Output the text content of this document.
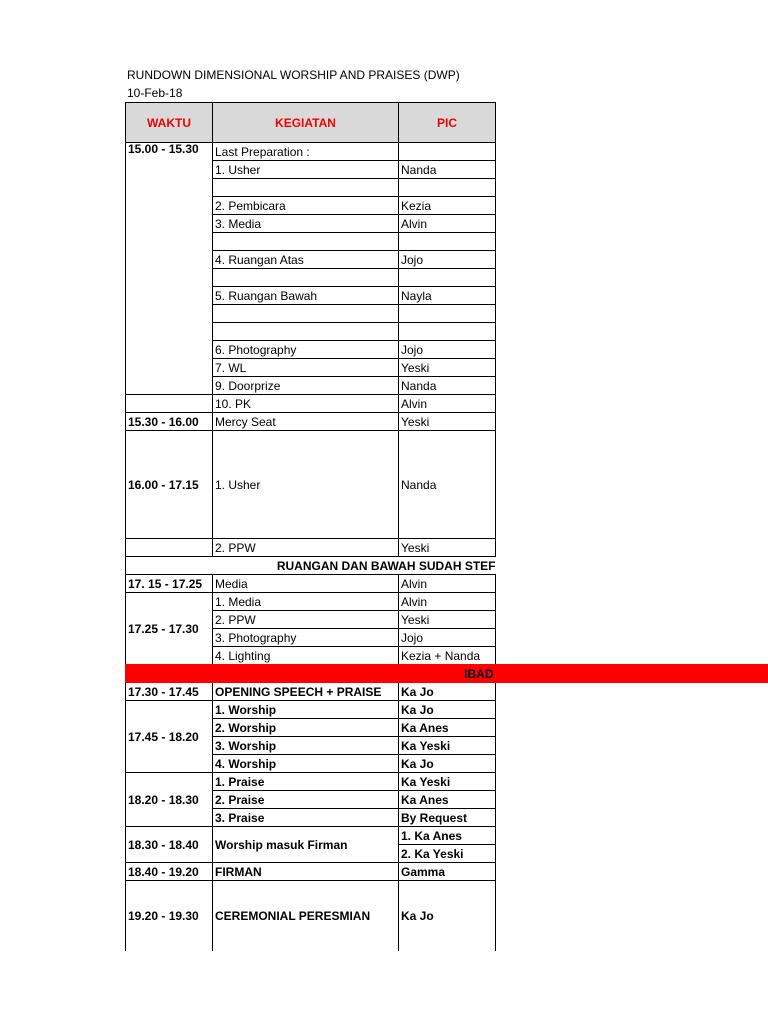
RUNDOWN DIMENSIONAL WORSHIP AND PRAISES (DWP)
10-Feb-18
WAKTU	KEGIATAN	PIC
15.00 - 15.30	Last Preparation :	
	1. Usher	Nanda

	2. Pembicara	Kezia
	3. Media	Alvin

	4. Ruangan Atas	Jojo

	5. Ruangan Bawah	Nayla

	6. Photography	Jojo
	7. WL	Yeski
	9. Doorprize	Nanda
	10. PK	Alvin
15.30 - 16.00	Mercy Seat	Yeski
16.00 - 17.15	1. Usher	Nanda
	2. PPW	Yeski
RUANGAN DAN BAWAH SUDAH STEF		
17. 15 - 17.25	Media	Alvin
17.25 - 17.30	1. Media	Alvin
	2. PPW	Yeski
	3. Photography	Jojo
	4. Lighting	Kezia + Nanda

IBAD		
17.30 - 17.45	OPENING SPEECH + PRAISE	Ka Jo
17.45 - 18.20	1. Worship	Ka Jo
	2. Worship	Ka Anes
	3. Worship	Ka Yeski
	4. Worship	Ka Jo
18.20 - 18.30	1. Praise	Ka Yeski
	2. Praise	Ka Anes
	3. Praise	By Request
18.30 - 18.40	Worship masuk Firman	1. Ka Anes
		2. Ka Yeski
18.40 - 19.20	FIRMAN	Gamma
19.20 - 19.30	CEREMONIAL PERESMIAN	Ka Jo
